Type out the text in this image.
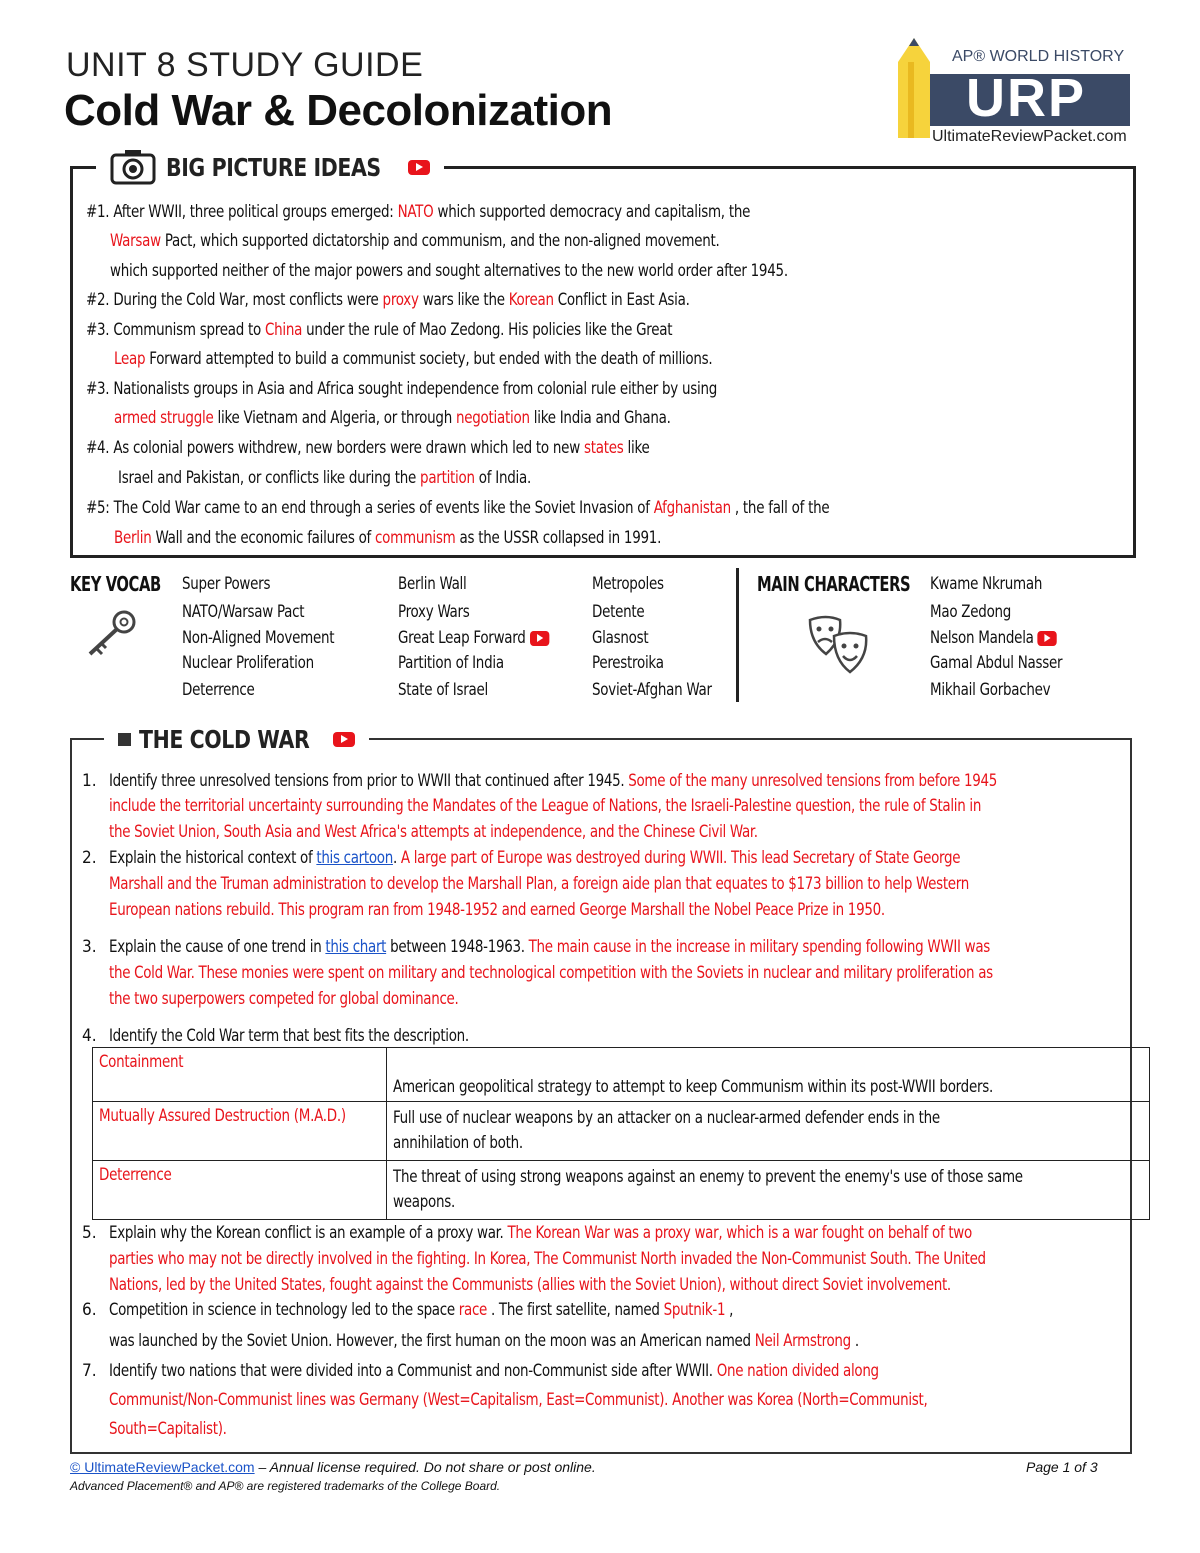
UNIT 8 STUDY GUIDE
Cold War & Decolonization
AP® WORLD HISTORY
URP
UltimateReviewPacket.com
BIG PICTURE IDEAS
#1. After WWII, three political groups emerged: NATO which supported democracy and capitalism, the
Warsaw Pact, which supported dictatorship and communism, and the non-aligned movement.
which supported neither of the major powers and sought alternatives to the new world order after 1945.
#2. During the Cold War, most conflicts were proxy wars like the Korean Conflict in East Asia.
#3. Communism spread to China under the rule of Mao Zedong. His policies like the Great
Leap Forward attempted to build a communist society, but ended with the death of millions.
#3. Nationalists groups in Asia and Africa sought independence from colonial rule either by using
armed struggle like Vietnam and Algeria, or through negotiation like India and Ghana.
#4. As colonial powers withdrew, new borders were drawn which led to new states like
Israel and Pakistan, or conflicts like during the partition of India.
#5: The Cold War came to an end through a series of events like the Soviet Invasion of Afghanistan , the fall of the
Berlin Wall and the economic failures of communism as the USSR collapsed in 1991.
KEY VOCAB Super Powers
NATO/Warsaw Pact
Non-Aligned Movement
Nuclear Proliferation
Deterrence
Berlin Wall
Proxy Wars
Great Leap Forward
Partition of India
State of Israel
Metropoles
Detente
Glasnost
Perestroika
Soviet-Afghan War
MAIN CHARACTERS Kwame Nkrumah
Mao Zedong
Nelson Mandela
Gamal Abdul Nasser
Mikhail Gorbachev
THE COLD WAR
1. Identify three unresolved tensions from prior to WWII that continued after 1945. Some of the many unresolved tensions from before 1945
include the territorial uncertainty surrounding the Mandates of the League of Nations, the Israeli-Palestine question, the rule of Stalin in
the Soviet Union, South Asia and West Africa's attempts at independence, and the Chinese Civil War.
2. Explain the historical context of this cartoon. A large part of Europe was destroyed during WWII. This lead Secretary of State George
Marshall and the Truman administration to develop the Marshall Plan, a foreign aide plan that equates to $173 billion to help Western
European nations rebuild. This program ran from 1948-1952 and earned George Marshall the Nobel Peace Prize in 1950.
3. Explain the cause of one trend in this chart between 1948-1963. The main cause in the increase in military spending following WWII was
the Cold War. These monies were spent on military and technological competition with the Soviets in nuclear and military proliferation as
the two superpowers competed for global dominance.
4. Identify the Cold War term that best fits the description.
Containment	American geopolitical strategy to attempt to keep Communism within its post-WWII borders.
Mutually Assured Destruction (M.A.D.)	Full use of nuclear weapons by an attacker on a nuclear-armed defender ends in the annihilation of both.
Deterrence	The threat of using strong weapons against an enemy to prevent the enemy's use of those same weapons.
5. Explain why the Korean conflict is an example of a proxy war. The Korean War was a proxy war, which is a war fought on behalf of two
parties who may not be directly involved in the fighting. In Korea, The Communist North invaded the Non-Communist South. The United
Nations, led by the United States, fought against the Communists (allies with the Soviet Union), without direct Soviet involvement.
6. Competition in science in technology led to the space race . The first satellite, named Sputnik-1 ,
was launched by the Soviet Union. However, the first human on the moon was an American named Neil Armstrong .
7. Identify two nations that were divided into a Communist and non-Communist side after WWII. One nation divided along
Communist/Non-Communist lines was Germany (West=Capitalism, East=Communist). Another was Korea (North=Communist,
South=Capitalist).
© UltimateReviewPacket.com – Annual license required. Do not share or post online.
Advanced Placement® and AP® are registered trademarks of the College Board.
Page 1 of 3
